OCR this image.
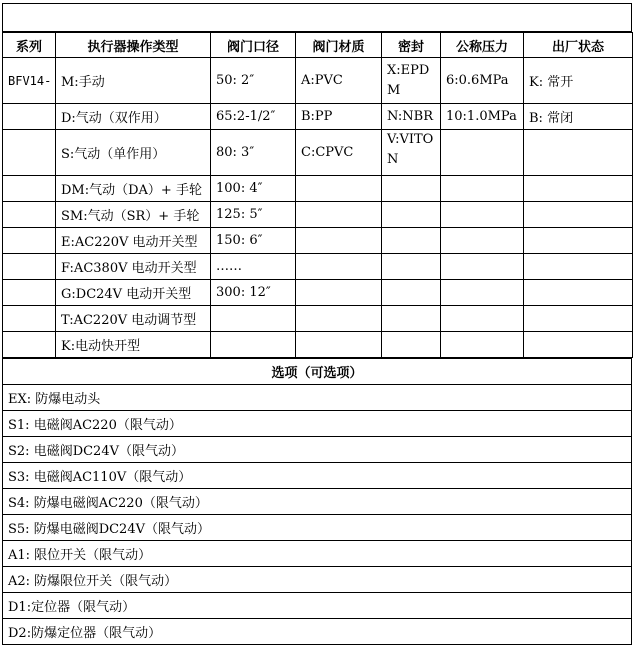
系列	执行器操作类型	阀门口径	阀门材质	密封	公称压力	出厂状态
BFV14-	M:手动	50: 2″	A:PVC	X:EPDM	6:0.6MPa	K: 常开
	D:气动（双作用）	65:2-1/2″	B:PP	N:NBR	10:1.0MPa	B: 常闭
	S:气动（单作用）	80: 3″	C:CPVC	V:VITON		
	DM:气动（DA）+ 手轮	100: 4″				
	SM:气动（SR）+ 手轮	125: 5″				
	E:AC220V 电动开关型	150: 6″				
	F:AC380V 电动开关型	……				
	G:DC24V 电动开关型	300: 12″				
	T:AC220V 电动调节型					
	K:电动快开型					
选项（可选项）
EX: 防爆电动头
S1: 电磁阀AC220（限气动）
S2: 电磁阀DC24V（限气动）
S3: 电磁阀AC110V（限气动）
S4: 防爆电磁阀AC220（限气动）
S5: 防爆电磁阀DC24V（限气动）
A1: 限位开关（限气动）
A2: 防爆限位开关（限气动）
D1:定位器（限气动）
D2:防爆定位器（限气动）
